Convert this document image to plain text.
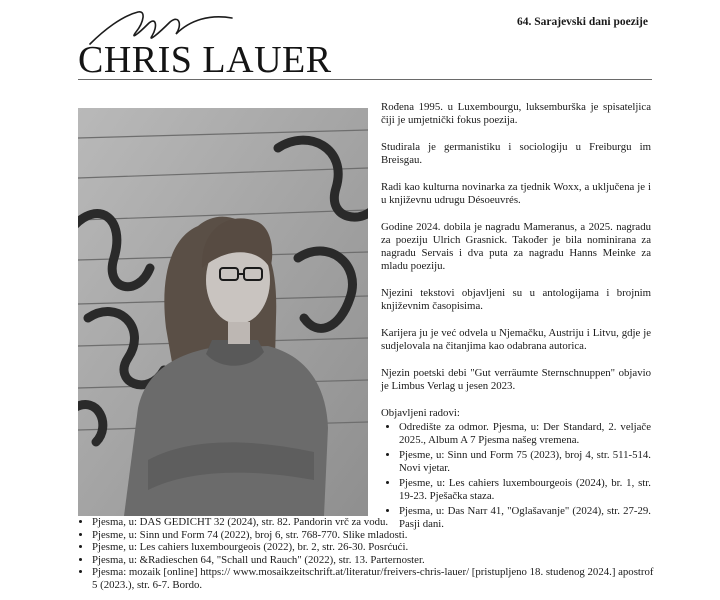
CHRIS LAUER
64. Sarajevski dani poezije

Rođena 1995. u Luxembourgu, luksemburška je spisateljica čiji je umjetnički fokus poezija.

Studirala je germanistiku i sociologiju u Freiburgu im Breisgau.

Radi kao kulturna novinarka za tjednik Woxx, a uključena je i u književnu udrugu Désoeuvrés.

Godine 2024. dobila je nagradu Mameranus, a 2025. nagradu za poeziju Ulrich Grasnick. Također je bila nominirana za nagradu Servais i dva puta za nagradu Hanns Meinke za mladu poeziju.

Njezini tekstovi objavljeni su u antologijama i brojnim književnim časopisima.

Karijera ju je već odvela u Njemačku, Austriju i Litvu, gdje je sudjelovala na čitanjima kao odabrana autorica.

Njezin poetski debi "Gut verräumte Sternschnuppen" objavio je Limbus Verlag u jesen 2023.

Objavljeni radovi:
• Odredište za odmor. Pjesma, u: Der Standard, 2. veljače 2025., Album A 7 Pjesma našeg vremena.
• Pjesme, u: Sinn und Form 75 (2023), broj 4, str. 511-514. Novi vjetar.
• Pjesme, u: Les cahiers luxembourgeois (2024), br. 1, str. 19-23. Pješačka staza.
• Pjesma, u: Das Narr 41, "Oglašavanje" (2024), str. 27-29. Pasji dani.
• Pjesma, u: DAS GEDICHT 32 (2024), str. 82. Pandorin vrč za vodu.
• Pjesme, u: Sinn und Form 74 (2022), broj 6, str. 768-770. Slike mladosti.
• Pjesme, u: Les cahiers luxembourgeois (2022), br. 2, str. 26-30. Posrćući.
• Pjesma, u: &Radieschen 64, "Schall und Rauch" (2022), str. 13. Parternoster.
• Pjesma: mozaik [online] https:// www.mosaikzeitschrift.at/literatur/freivers-chris-lauer/ [pristupljeno 18. studenog 2024.] apostrof 5 (2023.), str. 6-7. Bordo.
